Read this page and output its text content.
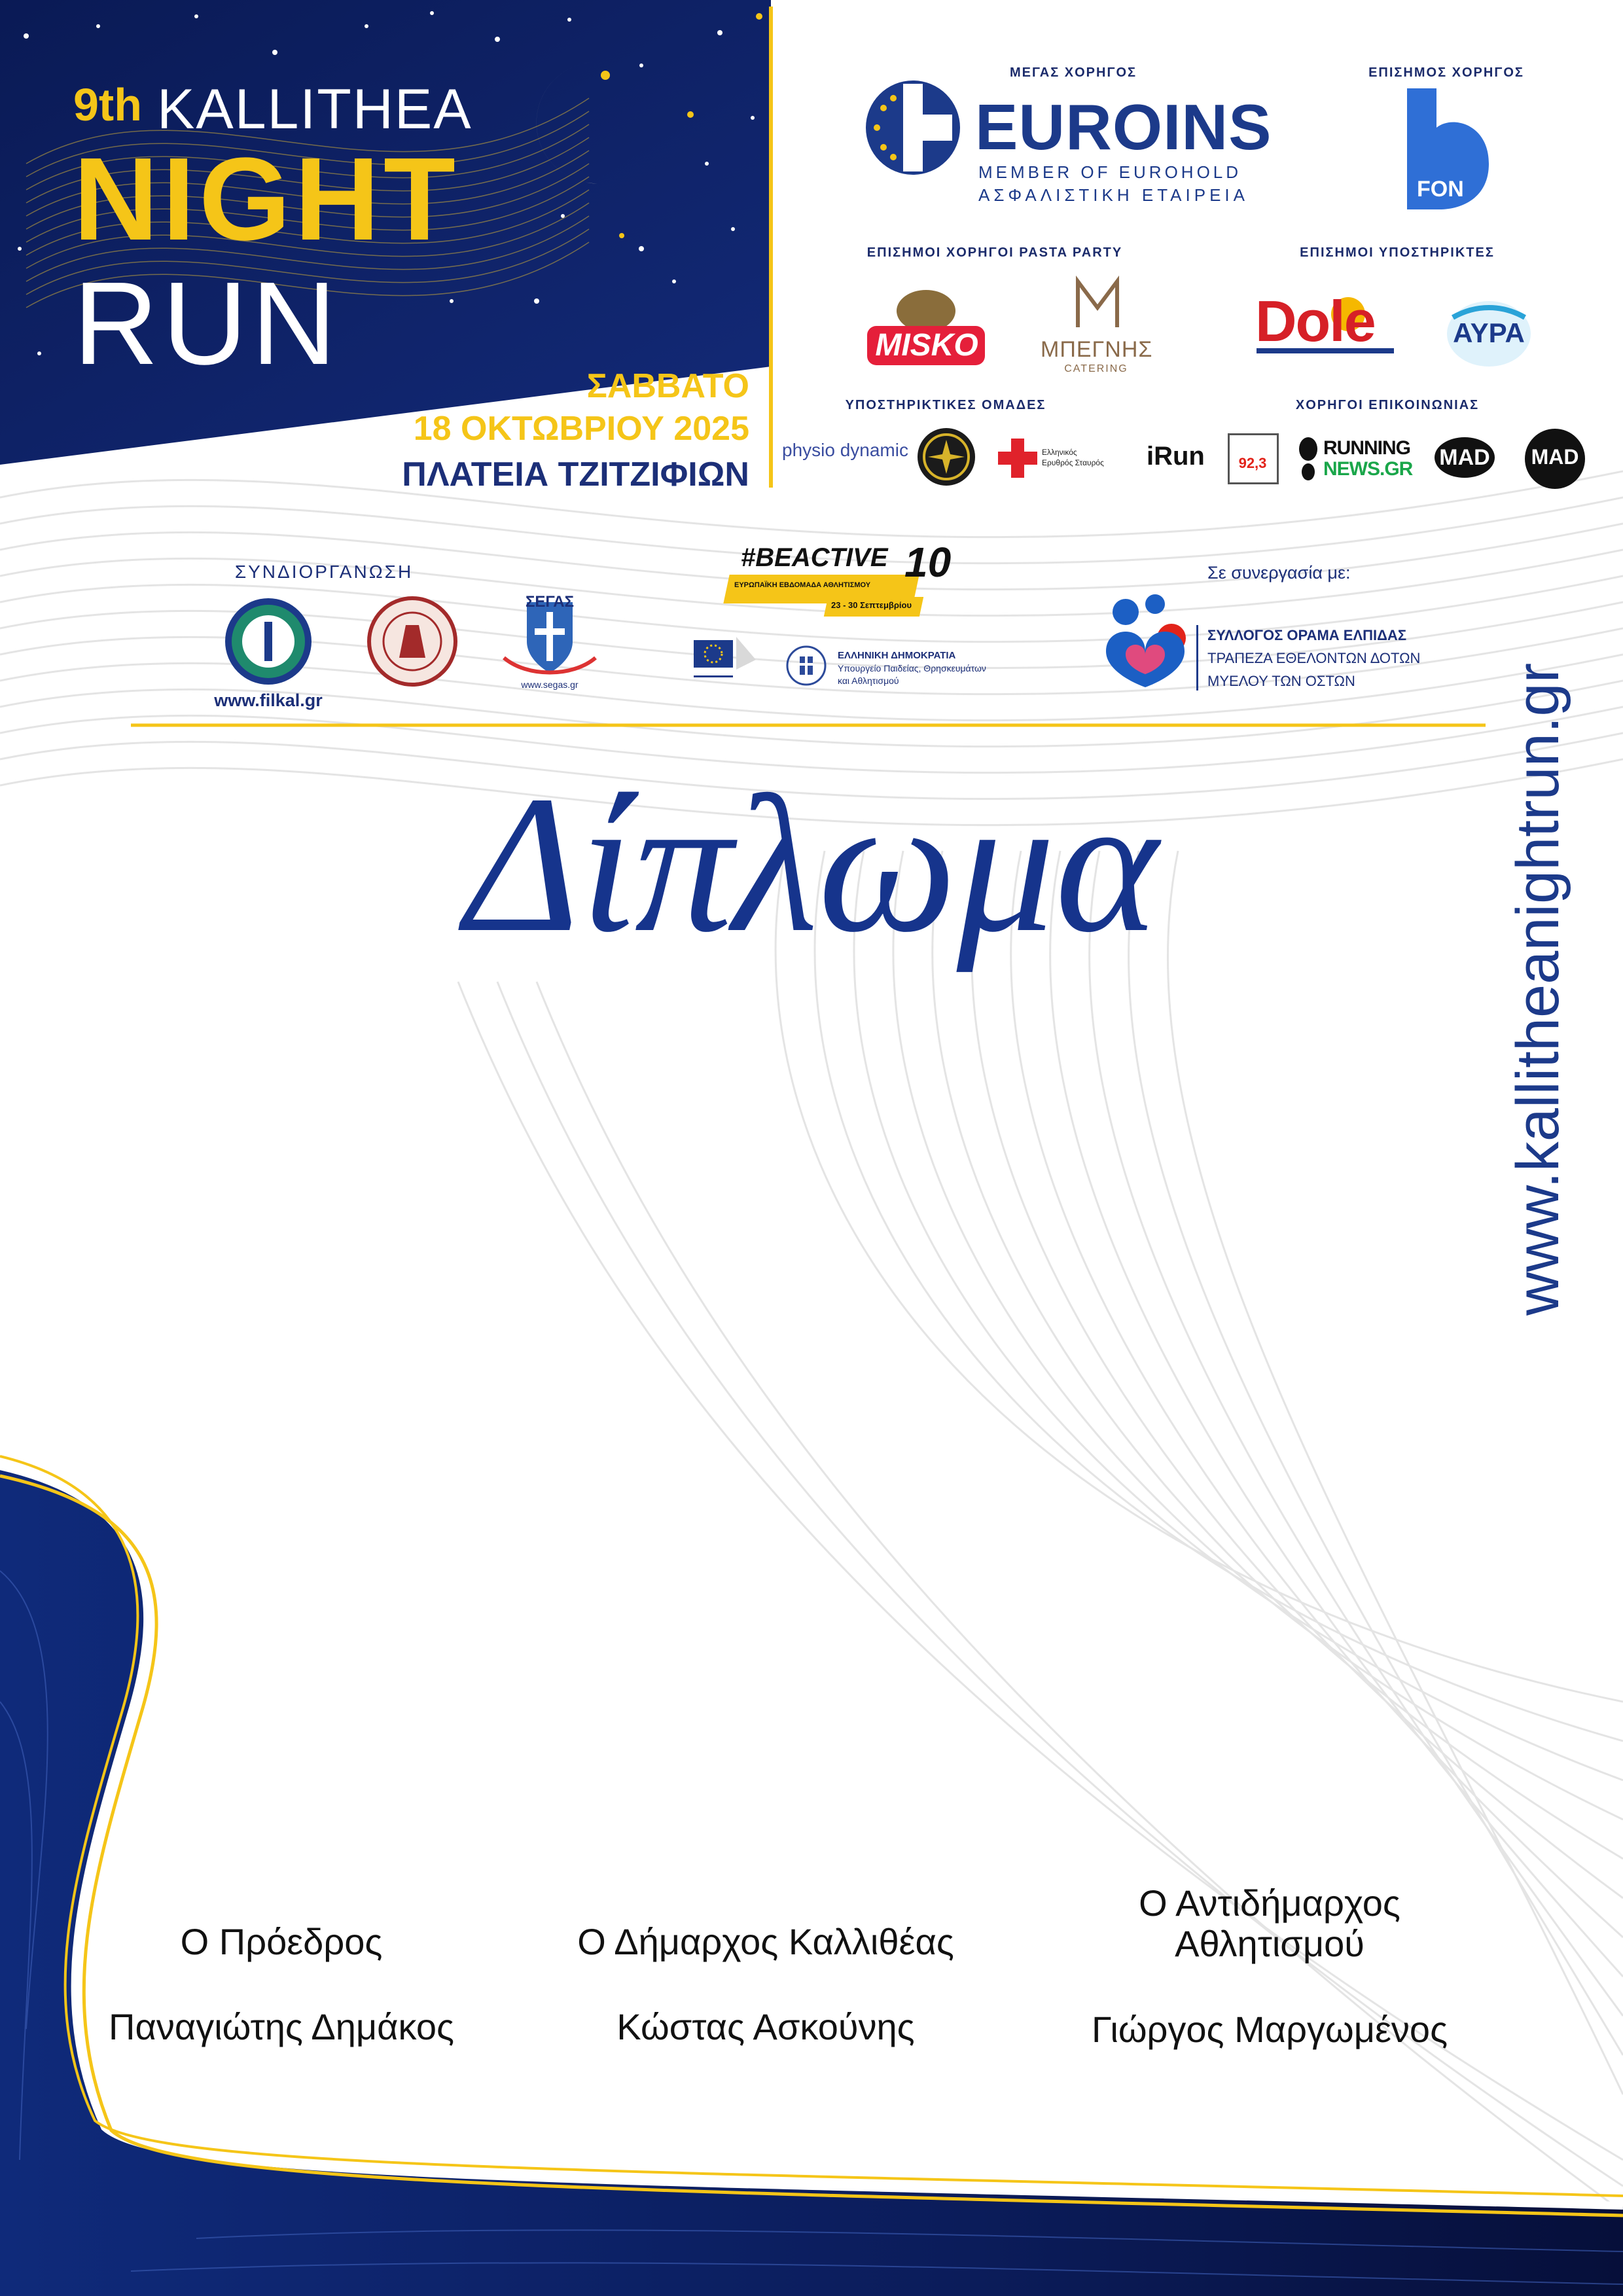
9th KALLITHEA
NIGHT
RUN	ΣΑΒΒΑΤΟ
18 ΟΚΤΩΒΡΙΟΥ 2025
ΠΛΑΤΕΙΑ ΤΖΙΤΖΙΦΙΩΝ
ΜΕΓΑΣ ΧΟΡΗΓΟΣ
EUROINS
MEMBER OF EUROHOLD
ΑΣΦΑΛΙΣΤΙΚΗ ΕΤΑΙΡΕΙΑ
ΕΠΙΣΗΜΟΣ ΧΟΡΗΓΟΣ
FON
ΕΠΙΣΗΜΟΙ ΧΟΡΗΓΟΙ PASTA PARTY
MISKO	ΜΠΕΓΝΗΣ
CATERING
ΕΠΙΣΗΜΟΙ ΥΠΟΣΤΗΡΙΚΤΕΣ
Dole	ΑΥΡΑ
ΥΠΟΣΤΗΡΙΚΤΙΚΕΣ ΟΜΑΔΕΣ
physio dynamic	Ελληνικός
Ερυθρός Σταυρός
ΧΟΡΗΓΟΙ ΕΠΙΚΟΙΝΩΝΙΑΣ
iRun	92,3
RUNNING
NEWS.GR MAD MAD
ΣΥΝΔΙΟΡΓΑΝΩΣΗ
www.filkal.gr
ΣΕΓΑΣ
www.segas.gr
#BEACTIVE
ΕΥΡΩΠΑΪΚΗ ΕΒΔΟΜΑΔΑ ΑΘΛΗΤΙΣΜΟΥ
23 - 30 Σεπτεμβρίου
10
ΕΛΛΗΝΙΚΗ ΔΗΜΟΚΡΑΤΙΑ
Υπουργείο Παιδείας, Θρησκευμάτων
και Αθλητισμού
Σε συνεργασία με:
ΣΥΛΛΟΓΟΣ ΟΡΑΜΑ ΕΛΠΙΔΑΣ
ΤΡΑΠΕΖΑ ΕΘΕΛΟΝΤΩΝ ΔΟΤΩΝ
ΜΥΕΛΟΥ ΤΩΝ ΟΣΤΩΝ
Δίπλωμα	www.kallitheanightrun.gr
Ο Πρόεδρος
Παναγιώτης Δημάκος
Ο Δήμαρχος Καλλιθέας
Κώστας Ασκούνης
Ο Αντιδήμαρχος
Αθλητισμού
Γιώργος Μαργωμένος
